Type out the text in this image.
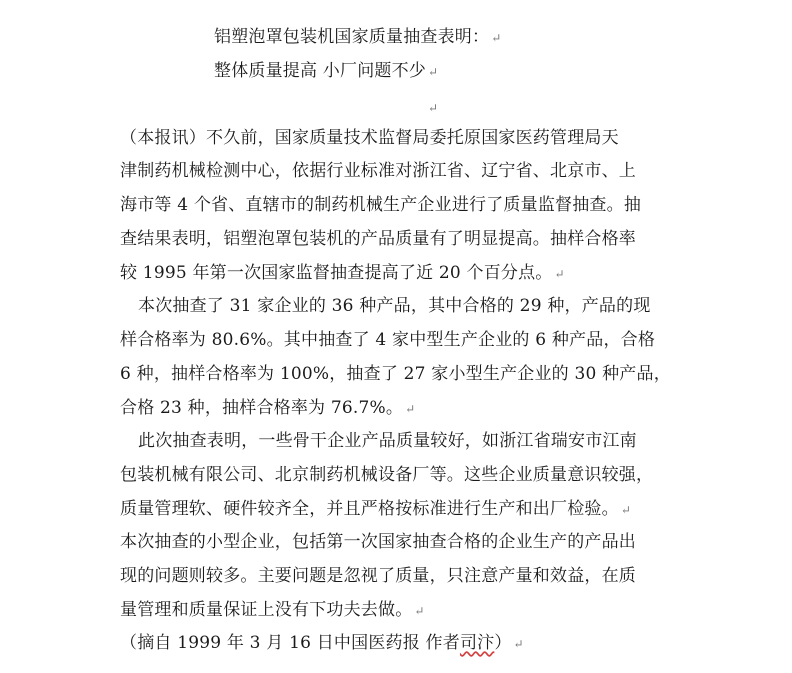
铝塑泡罩包装机国家质量抽查表明： ↵
整体质量提高 小厂问题不少 ↵
↵
（本报讯）不久前，国家质量技术监督局委托原国家医药管理局天
津制药机械检测中心，依据行业标准对浙江省、辽宁省、北京市、上
海市等 4 个省、直辖市的制药机械生产企业进行了质量监督抽查。抽
查结果表明，铝塑泡罩包装机的产品质量有了明显提高。抽样合格率
较 1995 年第一次国家监督抽查提高了近 20 个百分点。 ↵
本次抽查了 31 家企业的 36 种产品，其中合格的 29 种，产品的现
样合格率为 80.6%。其中抽查了 4 家中型生产企业的 6 种产品，合格
6 种，抽样合格率为 100%，抽查了 27 家小型生产企业的 30 种产品，
合格 23 种，抽样合格率为 76.7%。 ↵
此次抽查表明，一些骨干企业产品质量较好，如浙江省瑞安市江南
包装机械有限公司、北京制药机械设备厂等。这些企业质量意识较强，
质量管理软、硬件较齐全，并且严格按标准进行生产和出厂检验。 ↵
本次抽查的小型企业，包括第一次国家抽查合格的企业生产的产品出
现的问题则较多。主要问题是忽视了质量，只注意产量和效益，在质
量管理和质量保证上没有下功夫去做。 ↵
（摘自 1999 年 3 月 16 日中国医药报 作者司汴） ↵
